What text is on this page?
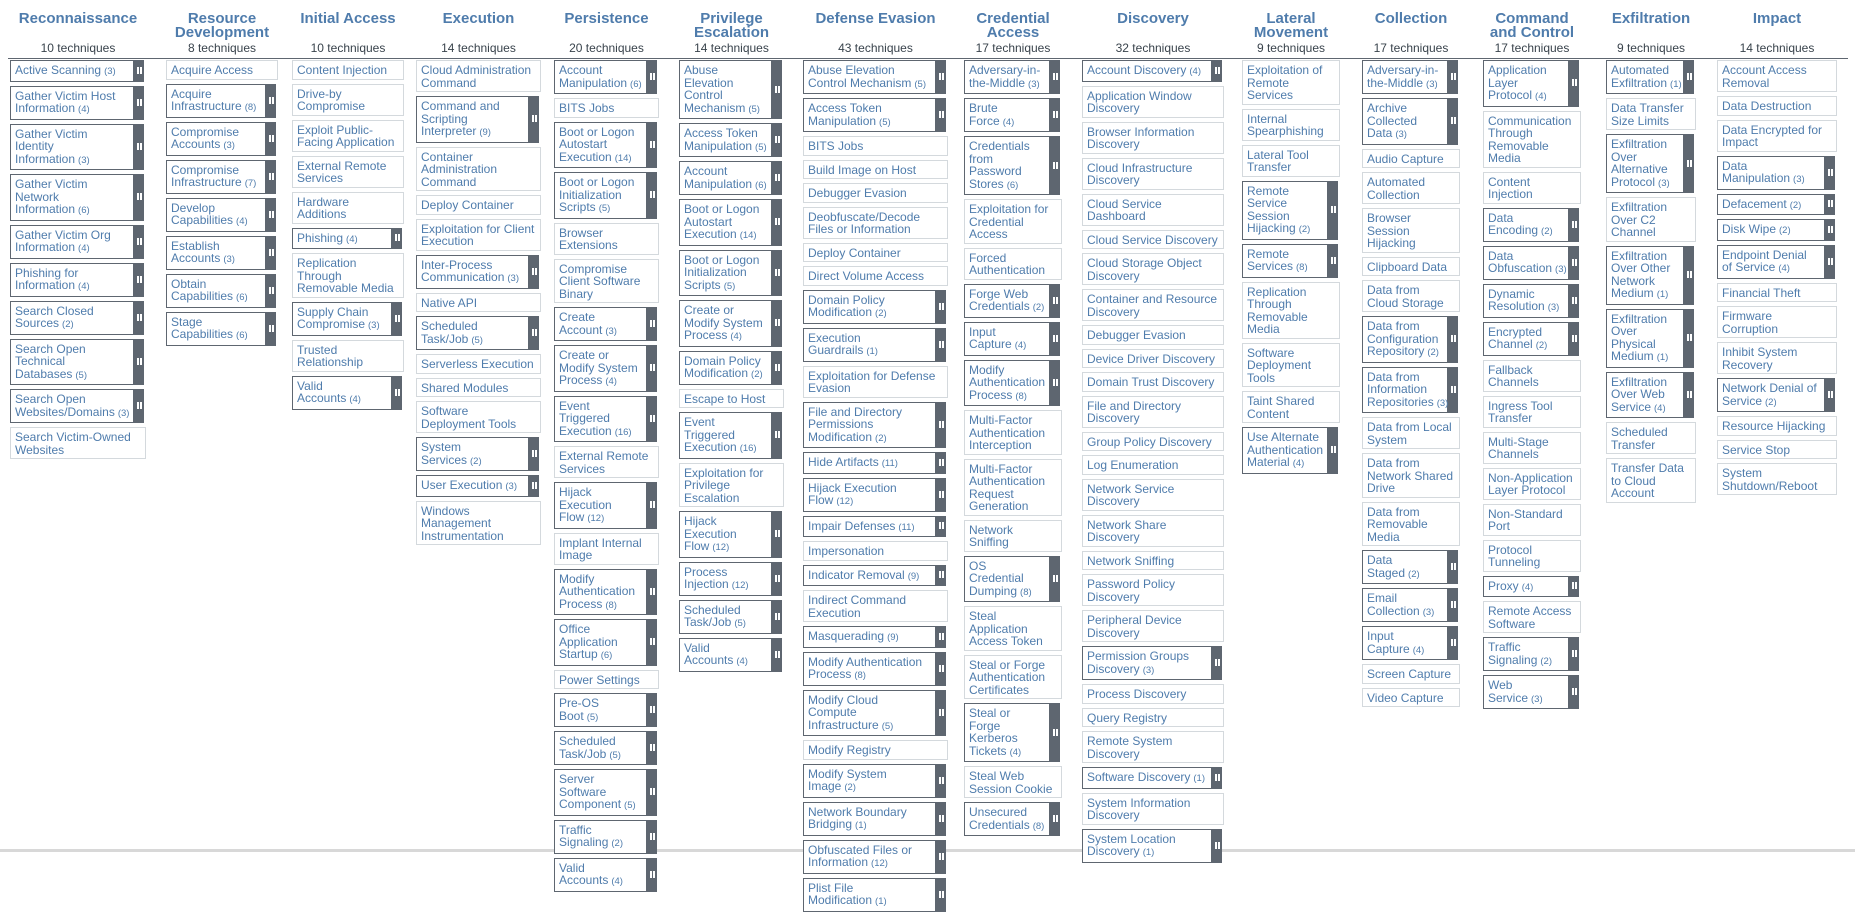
Reconnaissance
10 techniques
Active Scanning (3)
Gather Victim Host Information (4)
Gather Victim Identity Information (3)
Gather Victim Network Information (6)
Gather Victim Org Information (4)
Phishing for Information (4)
Search Closed Sources (2)
Search Open Technical Databases (5)
Search Open Websites/Domains (3)
Search Victim-Owned Websites
Resource Development
8 techniques
Acquire Access
Acquire Infrastructure (8)
Compromise Accounts (3)
Compromise Infrastructure (7)
Develop Capabilities (4)
Establish Accounts (3)
Obtain Capabilities (6)
Stage Capabilities (6)
Initial Access
10 techniques
Content Injection
Drive-by Compromise
Exploit Public-Facing Application
External Remote Services
Hardware Additions
Phishing (4)
Replication Through Removable Media
Supply Chain Compromise (3)
Trusted Relationship
Valid Accounts (4)
Execution
14 techniques
Cloud Administration Command
Command and Scripting Interpreter (9)
Container Administration Command
Deploy Container
Exploitation for Client Execution
Inter-Process Communication (3)
Native API
Scheduled Task/Job (5)
Serverless Execution
Shared Modules
Software Deployment Tools
System Services (2)
User Execution (3)
Windows Management Instrumentation
Persistence
20 techniques
Account Manipulation (6)
BITS Jobs
Boot or Logon Autostart Execution (14)
Boot or Logon Initialization Scripts (5)
Browser Extensions
Compromise Client Software Binary
Create Account (3)
Create or Modify System Process (4)
Event Triggered Execution (16)
External Remote Services
Hijack Execution Flow (12)
Implant Internal Image
Modify Authentication Process (8)
Office Application Startup (6)
Power Settings
Pre-OS Boot (5)
Scheduled Task/Job (5)
Server Software Component (5)
Traffic Signaling (2)
Valid Accounts (4)
Privilege Escalation
14 techniques
Abuse Elevation Control Mechanism (5)
Access Token Manipulation (5)
Account Manipulation (6)
Boot or Logon Autostart Execution (14)
Boot or Logon Initialization Scripts (5)
Create or Modify System Process (4)
Domain Policy Modification (2)
Escape to Host
Event Triggered Execution (16)
Exploitation for Privilege Escalation
Hijack Execution Flow (12)
Process Injection (12)
Scheduled Task/Job (5)
Valid Accounts (4)
Defense Evasion
43 techniques
Abuse Elevation Control Mechanism (5)
Access Token Manipulation (5)
BITS Jobs
Build Image on Host
Debugger Evasion
Deobfuscate/Decode Files or Information
Deploy Container
Direct Volume Access
Domain Policy Modification (2)
Execution Guardrails (1)
Exploitation for Defense Evasion
File and Directory Permissions Modification (2)
Hide Artifacts (11)
Hijack Execution Flow (12)
Impair Defenses (11)
Impersonation
Indicator Removal (9)
Indirect Command Execution
Masquerading (9)
Modify Authentication Process (8)
Modify Cloud Compute Infrastructure (5)
Modify Registry
Modify System Image (2)
Network Boundary Bridging (1)
Obfuscated Files or Information (12)
Plist File Modification (1)
Credential Access
17 techniques
Adversary-in-the-Middle (3)
Brute Force (4)
Credentials from Password Stores (6)
Exploitation for Credential Access
Forced Authentication
Forge Web Credentials (2)
Input Capture (4)
Modify Authentication Process (8)
Multi-Factor Authentication Interception
Multi-Factor Authentication Request Generation
Network Sniffing
OS Credential Dumping (8)
Steal Application Access Token
Steal or Forge Authentication Certificates
Steal or Forge Kerberos Tickets (4)
Steal Web Session Cookie
Unsecured Credentials (8)
Discovery
32 techniques
Account Discovery (4)
Application Window Discovery
Browser Information Discovery
Cloud Infrastructure Discovery
Cloud Service Dashboard
Cloud Service Discovery
Cloud Storage Object Discovery
Container and Resource Discovery
Debugger Evasion
Device Driver Discovery
Domain Trust Discovery
File and Directory Discovery
Group Policy Discovery
Log Enumeration
Network Service Discovery
Network Share Discovery
Network Sniffing
Password Policy Discovery
Peripheral Device Discovery
Permission Groups Discovery (3)
Process Discovery
Query Registry
Remote System Discovery
Software Discovery (1)
System Information Discovery
System Location Discovery (1)
Lateral Movement
9 techniques
Exploitation of Remote Services
Internal Spearphishing
Lateral Tool Transfer
Remote Service Session Hijacking (2)
Remote Services (8)
Replication Through Removable Media
Software Deployment Tools
Taint Shared Content
Use Alternate Authentication Material (4)
Collection
17 techniques
Adversary-in-the-Middle (3)
Archive Collected Data (3)
Audio Capture
Automated Collection
Browser Session Hijacking
Clipboard Data
Data from Cloud Storage
Data from Configuration Repository (2)
Data from Information Repositories (3)
Data from Local System
Data from Network Shared Drive
Data from Removable Media
Data Staged (2)
Email Collection (3)
Input Capture (4)
Screen Capture
Video Capture
Command and Control
17 techniques
Application Layer Protocol (4)
Communication Through Removable Media
Content Injection
Data Encoding (2)
Data Obfuscation (3)
Dynamic Resolution (3)
Encrypted Channel (2)
Fallback Channels
Ingress Tool Transfer
Multi-Stage Channels
Non-Application Layer Protocol
Non-Standard Port
Protocol Tunneling
Proxy (4)
Remote Access Software
Traffic Signaling (2)
Web Service (3)
Exfiltration
9 techniques
Automated Exfiltration (1)
Data Transfer Size Limits
Exfiltration Over Alternative Protocol (3)
Exfiltration Over C2 Channel
Exfiltration Over Other Network Medium (1)
Exfiltration Over Physical Medium (1)
Exfiltration Over Web Service (4)
Scheduled Transfer
Transfer Data to Cloud Account
Impact
14 techniques
Account Access Removal
Data Destruction
Data Encrypted for Impact
Data Manipulation (3)
Defacement (2)
Disk Wipe (2)
Endpoint Denial of Service (4)
Financial Theft
Firmware Corruption
Inhibit System Recovery
Network Denial of Service (2)
Resource Hijacking
Service Stop
System Shutdown/Reboot
